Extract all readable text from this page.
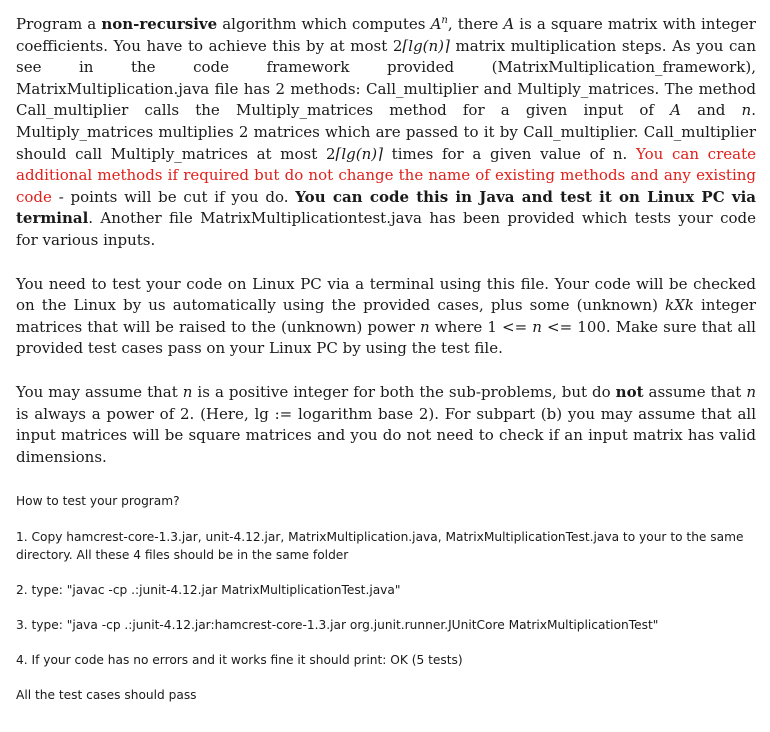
Program a non-recursive algorithm which computes $A^n$, there A is a square matrix with integer coefficients. You have to achieve this by at most 2⌈lg(n)⌉ matrix multiplication steps. As you can see in the code framework provided (MatrixMultiplication_framework), MatrixMultiplication.java file has 2 methods: Call_multiplier and Multiply_matrices. The method Call_multiplier calls the Multiply_matrices method for a given input of A and n. Multiply_matrices multiplies 2 matrices which are passed to it by Call_multiplier. Call_multiplier should call Multiply_matrices at most 2⌈lg(n)⌉ times for a given value of n. You can create additional methods if required but do not change the name of existing methods and any existing code - points will be cut if you do. You can code this in Java and test it on Linux PC via terminal. Another file MatrixMultiplicationtest.java has been provided which tests your code for various inputs.

You need to test your code on Linux PC via a terminal using this file. Your code will be checked on the Linux by us automatically using the provided cases, plus some (unknown) kXk integer matrices that will be raised to the (unknown) power n where 1 <= n <= 100. Make sure that all provided test cases pass on your Linux PC by using the test file.

You may assume that n is a positive integer for both the sub-problems, but do not assume that n is always a power of 2. (Here, lg := logarithm base 2). For subpart (b) you may assume that all input matrices will be square matrices and you do not need to check if an input matrix has valid dimensions.

How to test your program?

1. Copy hamcrest-core-1.3.jar, unit-4.12.jar, MatrixMultiplication.java, MatrixMultiplicationTest.java to your to the same directory. All these 4 files should be in the same folder

2. type: "javac -cp .:junit-4.12.jar MatrixMultiplicationTest.java"

3. type: "java -cp .:junit-4.12.jar:hamcrest-core-1.3.jar org.junit.runner.JUnitCore MatrixMultiplicationTest"

4. If your code has no errors and it works fine it should print: OK (5 tests)

All the test cases should pass
